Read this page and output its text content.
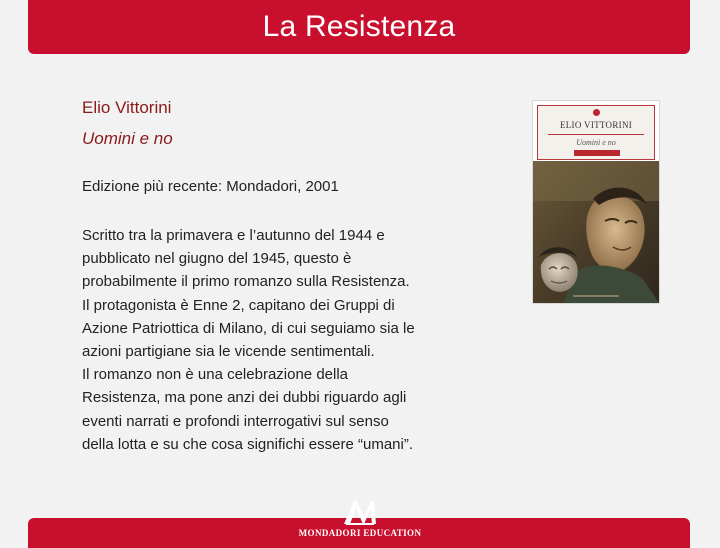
La Resistenza
Elio Vittorini
Uomini e no
Edizione più recente: Mondadori, 2001
Scritto tra la primavera e l’autunno del 1944 e
pubblicato nel giugno del 1945, questo è
probabilmente il primo romanzo sulla Resistenza.
Il protagonista è Enne 2, capitano dei Gruppi di
Azione Patriottica di Milano, di cui seguiamo sia le
azioni partigiane sia le vicende sentimentali.
Il romanzo non è una celebrazione della
Resistenza, ma pone anzi dei dubbi riguardo agli
eventi narrati e profondi interrogativi sul senso
della lotta e su che cosa significhi essere “umani”.
ELIO VITTORINI
Uomini e no
MONDADORI EDUCATION
